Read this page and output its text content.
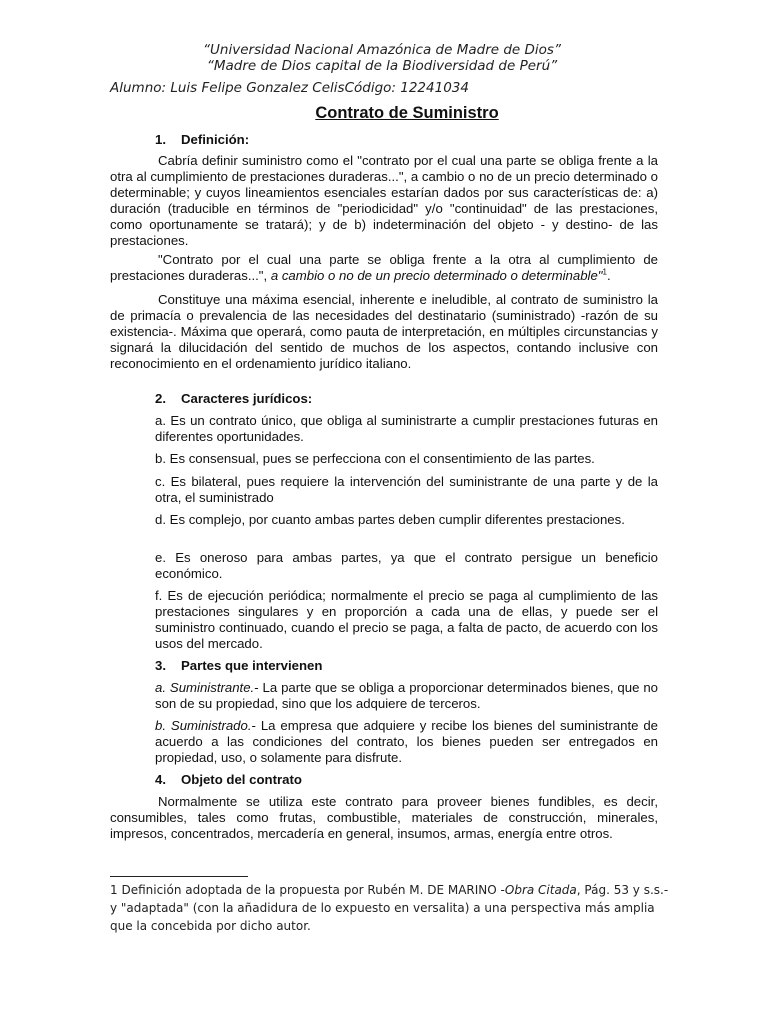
“Universidad Nacional Amazónica de Madre de Dios”
“Madre de Dios capital de la Biodiversidad de Perú”
Alumno: Luis Felipe Gonzalez CelisCódigo: 12241034
Contrato de Suministro
1. Definición:

Cabría definir suministro como el "contrato por el cual una parte se obliga frente a la otra al cumplimiento de prestaciones duraderas...", a cambio o no de un precio determinado o determinable; y cuyos lineamientos esenciales estarían dados por sus características de: a) duración (traducible en términos de "periodicidad" y/o "continuidad" de las prestaciones, como oportunamente se tratará); y de b) indeterminación del objeto - y destino- de las prestaciones.

"Contrato por el cual una parte se obliga frente a la otra al cumplimiento de prestaciones duraderas...", a cambio o no de un precio determinado o determinable"$^1$.

Constituye una máxima esencial, inherente e ineludible, al contrato de suministro la de primacía o prevalencia de las necesidades del destinatario (suministrado) -razón de su existencia-. Máxima que operará, como pauta de interpretación, en múltiples circunstancias y signará la dilucidación del sentido de muchos de los aspectos, contando inclusive con reconocimiento en el ordenamiento jurídico italiano.

2. Caracteres jurídicos:

a. Es un contrato único, que obliga al suministrarte a cumplir prestaciones futuras en diferentes oportunidades.

b. Es consensual, pues se perfecciona con el consentimiento de las partes.

c. Es bilateral, pues requiere la intervención del suministrante de una parte y de la otra, el suministrado

d. Es complejo, por cuanto ambas partes deben cumplir diferentes prestaciones.

e. Es oneroso para ambas partes, ya que el contrato persigue un beneficio económico.

f. Es de ejecución periódica; normalmente el precio se paga al cumplimiento de las prestaciones singulares y en proporción a cada una de ellas, y puede ser el suministro continuado, cuando el precio se paga, a falta de pacto, de acuerdo con los usos del mercado.

3. Partes que intervienen

a. Suministrante.- La parte que se obliga a proporcionar determinados bienes, que no son de su propiedad, sino que los adquiere de terceros.

b. Suministrado.- La empresa que adquiere y recibe los bienes del suministrante de acuerdo a las condiciones del contrato, los bienes pueden ser entregados en propiedad, uso, o solamente para disfrute.

4. Objeto del contrato

Normalmente se utiliza este contrato para proveer bienes fundibles, es decir, consumibles, tales como frutas, combustible, materiales de construcción, minerales, impresos, concentrados, mercadería en general, insumos, armas, energía entre otros.

1 Definición adoptada de la propuesta por Rubén M. DE MARINO -Obra Citada, Pág. 53 y s.s.-y "adaptada" (con la añadidura de lo expuesto en versalita) a una perspectiva más amplia que la concebida por dicho autor.
